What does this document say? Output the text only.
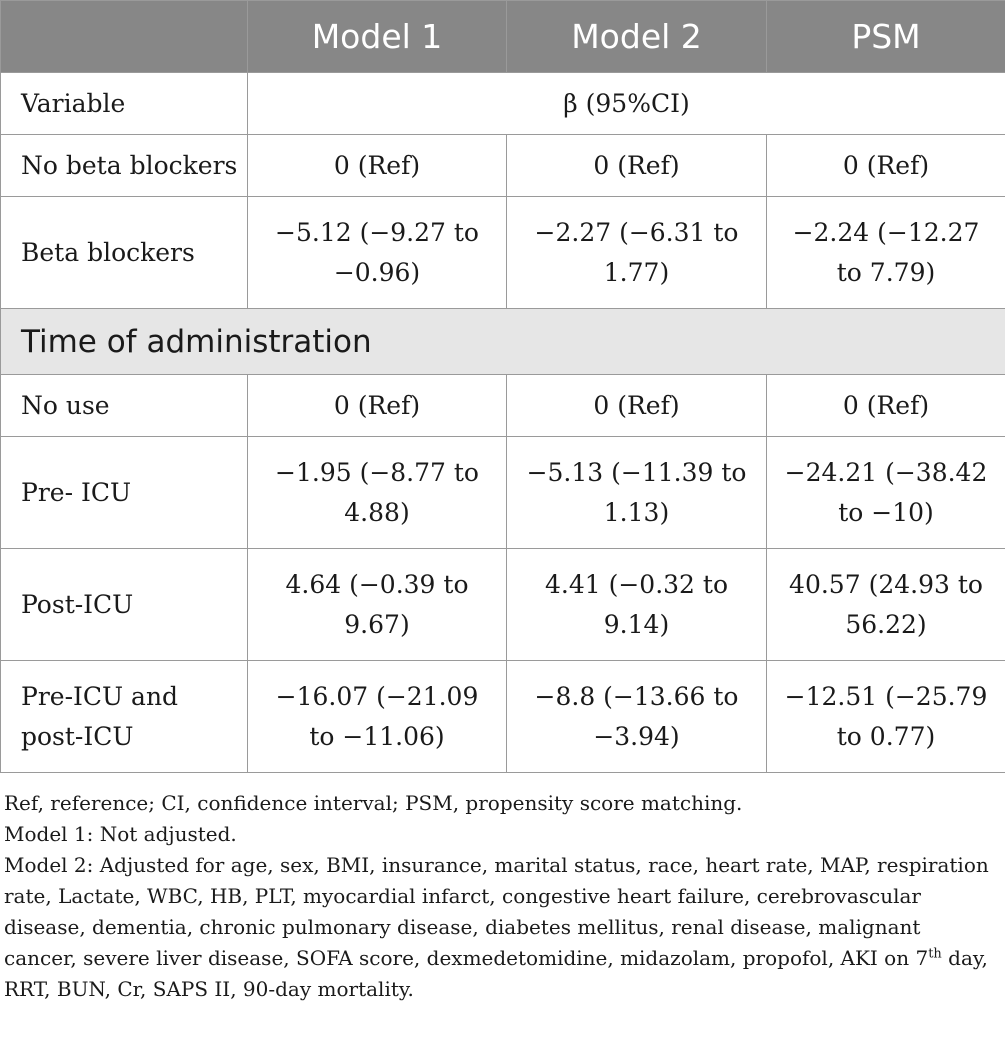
	Model 1	Model 2	PSM
Variable	β (95%CI)		
No beta blockers	0 (Ref)	0 (Ref)	0 (Ref)
Beta blockers	−5.12 (−9.27 to −0.96)	−2.27 (−6.31 to 1.77)	−2.24 (−12.27 to 7.79)
Time of administration			
No use	0 (Ref)	0 (Ref)	0 (Ref)
Pre- ICU	−1.95 (−8.77 to 4.88)	−5.13 (−11.39 to 1.13)	−24.21 (−38.42 to −10)
Post-ICU	4.64 (−0.39 to 9.67)	4.41 (−0.32 to 9.14)	40.57 (24.93 to 56.22)
Pre-ICU and post-ICU	−16.07 (−21.09 to −11.06)	−8.8 (−13.66 to −3.94)	−12.51 (−25.79 to 0.77)

Ref, reference; CI, confidence interval; PSM, propensity score matching.

Model 1: Not adjusted.

Model 2: Adjusted for age, sex, BMI, insurance, marital status, race, heart rate, MAP, respiration rate, Lactate, WBC, HB, PLT, myocardial infarct, congestive heart failure, cerebrovascular disease, dementia, chronic pulmonary disease, diabetes mellitus, renal disease, malignant cancer, severe liver disease, SOFA score, dexmedetomidine, midazolam, propofol, AKI on 7th day, RRT, BUN, Cr, SAPS II, 90-day mortality.
